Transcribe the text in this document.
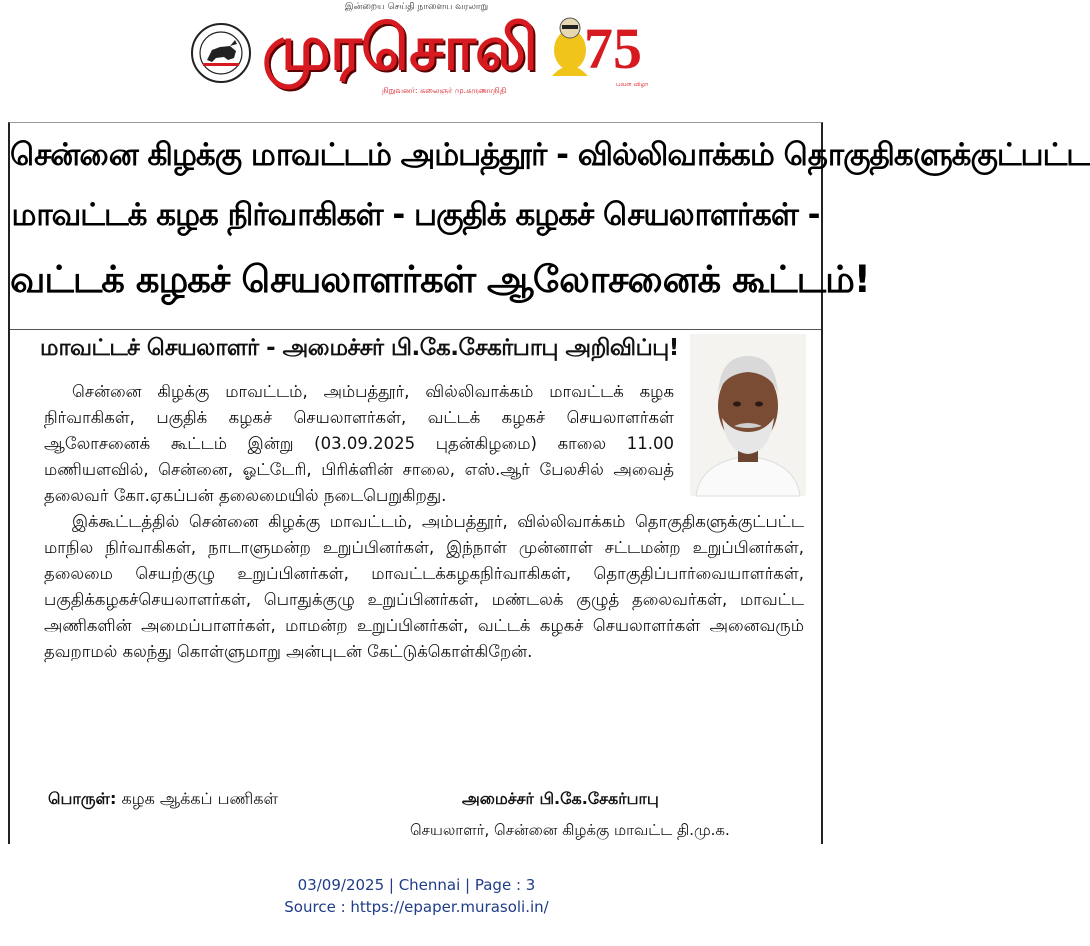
இன்றைய செய்தி நாளைய வரலாறு
முரசொலி
நிறுவனர்: கலைஞர் மு.கருணாநிதி
75
பவள விழா
சென்னை கிழக்கு மாவட்டம் அம்பத்தூர் - வில்லிவாக்கம் தொகுதிகளுக்குட்பட்ட
மாவட்டக் கழக நிர்வாகிகள் - பகுதிக் கழகச் செயலாளர்கள் -
வட்டக் கழகச் செயலாளர்கள் ஆலோசனைக் கூட்டம்!
மாவட்டச் செயலாளர் - அமைச்சர் பி.கே.சேகர்பாபு அறிவிப்பு!

சென்னை கிழக்கு மாவட்டம், அம்பத்தூர், வில்லிவாக்கம் மாவட்டக் கழக நிர்வாகிகள், பகுதிக் கழகச் செயலாளர்கள், வட்டக் கழகச் செயலாளர்கள் ஆலோசனைக் கூட்டம் இன்று (03.09.2025 புதன்கிழமை) காலை 11.00 மணியளவில், சென்னை, ஓட்டேரி, பிரிக்ளின் சாலை, எஸ்.ஆர் பேலசில் அவைத் தலைவர் கோ.ஏகப்பன் தலைமையில் நடைபெறுகிறது.

இக்கூட்டத்தில் சென்னை கிழக்கு மாவட்டம், அம்பத்தூர், வில்லிவாக்கம் தொகுதிகளுக்குட்பட்ட மாநில நிர்வாகிகள், நாடாளுமன்ற உறுப்பினர்கள், இந்நாள் முன்னாள் சட்டமன்ற உறுப்பினர்கள், தலைமை செயற்குழு உறுப்பினர்கள், மாவட்டக்கழகநிர்வாகிகள், தொகுதிப்பார்வையாளர்கள், பகுதிக்கழகச்செயலாளர்கள், பொதுக்குழு உறுப்பினர்கள், மண்டலக் குழுத் தலைவர்கள், மாவட்ட அணிகளின் அமைப்பாளர்கள், மாமன்ற உறுப்பினர்கள், வட்டக் கழகச் செயலாளர்கள் அனைவரும் தவறாமல் கலந்து கொள்ளுமாறு அன்புடன் கேட்டுக்கொள்கிறேன்.

பொருள்: கழக ஆக்கப் பணிகள்	அமைச்சர் பி.கே.சேகர்பாபு
செயலாளர், சென்னை கிழக்கு மாவட்ட தி.மு.க.
03/09/2025 | Chennai | Page : 3
Source : https://epaper.murasoli.in/
